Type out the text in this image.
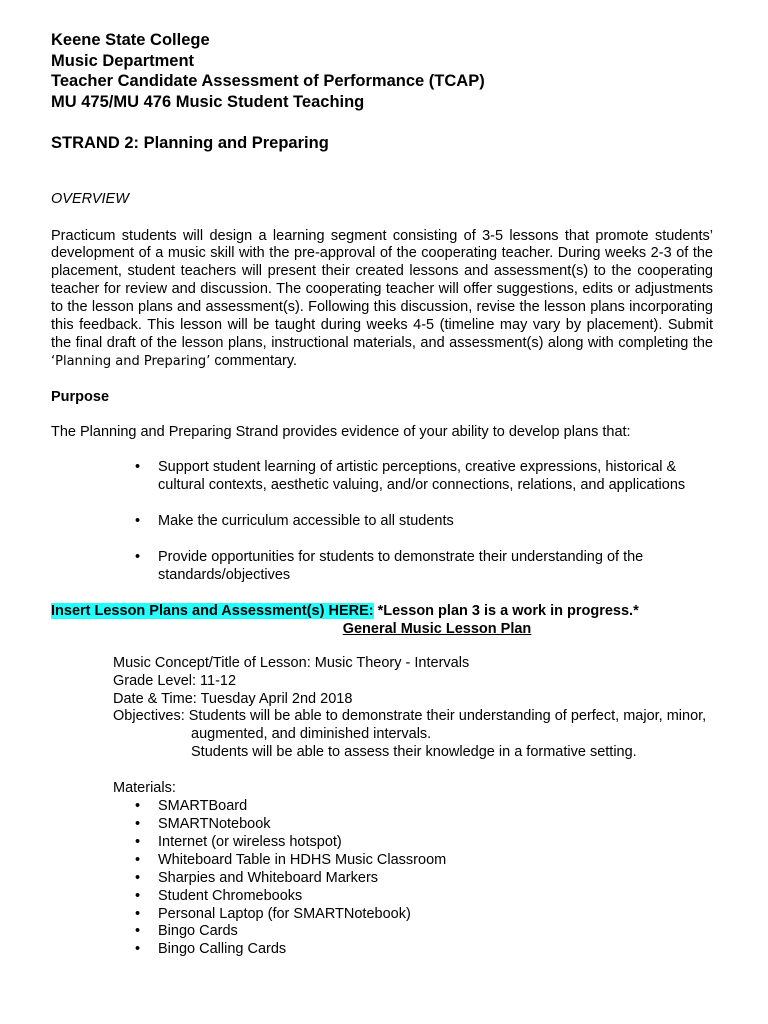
Keene State College
Music Department
Teacher Candidate Assessment of Performance (TCAP)
MU 475/MU 476 Music Student Teaching
STRAND 2: Planning and Preparing
OVERVIEW
Practicum students will design a learning segment consisting of 3-5 lessons that promote students’ development of a music skill with the pre-approval of the cooperating teacher. During weeks 2-3 of the placement, student teachers will present their created lessons and assessment(s) to the cooperating teacher for review and discussion. The cooperating teacher will offer suggestions, edits or adjustments to the lesson plans and assessment(s). Following this discussion, revise the lesson plans incorporating this feedback. This lesson will be taught during weeks 4-5 (timeline may vary by placement). Submit the final draft of the lesson plans, instructional materials, and assessment(s) along with completing the ‘Planning and Preparing’ commentary.
Purpose
The Planning and Preparing Strand provides evidence of your ability to develop plans that:
• Support student learning of artistic perceptions, creative expressions, historical & cultural contexts, aesthetic valuing, and/or connections, relations, and applications
• Make the curriculum accessible to all students
• Provide opportunities for students to demonstrate their understanding of the standards/objectives
Insert Lesson Plans and Assessment(s) HERE: *Lesson plan 3 is a work in progress.*
General Music Lesson Plan
Music Concept/Title of Lesson: Music Theory - Intervals
Grade Level: 11-12
Date & Time: Tuesday April 2nd 2018
Objectives: Students will be able to demonstrate their understanding of perfect, major, minor,
augmented, and diminished intervals.
Students will be able to assess their knowledge in a formative setting.
Materials:
• SMARTBoard
• SMARTNotebook
• Internet (or wireless hotspot)
• Whiteboard Table in HDHS Music Classroom
• Sharpies and Whiteboard Markers
• Student Chromebooks
• Personal Laptop (for SMARTNotebook)
• Bingo Cards
• Bingo Calling Cards
